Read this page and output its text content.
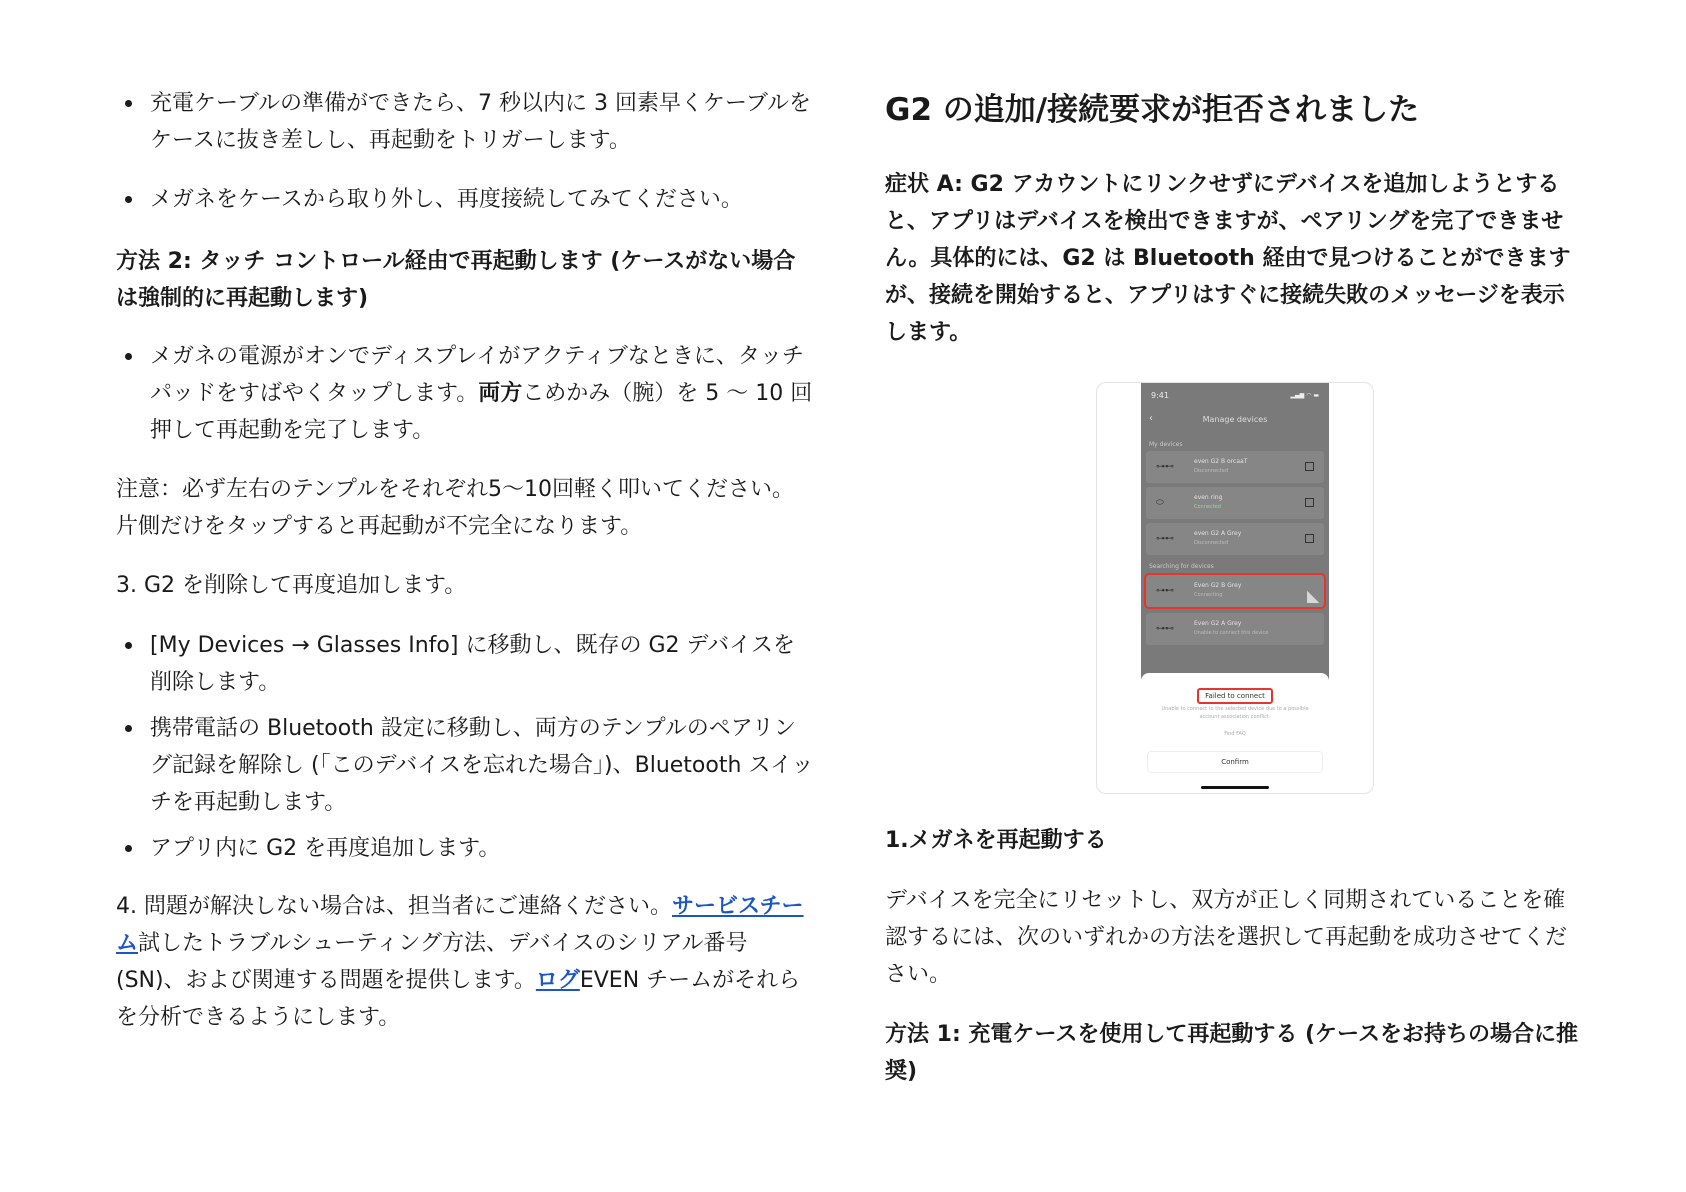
充電ケーブルの準備ができたら、7 秒以内に 3 回素早くケーブルをケースに抜き差しし、再起動をトリガーします。
メガネをケースから取り外し、再度接続してみてください。

方法 2: タッチ コントロール経由で再起動します (ケースがない場合は強制的に再起動します)

メガネの電源がオンでディスプレイがアクティブなときに、タッチパッドをすばやくタップします。両方こめかみ（腕）を 5 〜 10 回押して再起動を完了します。

注意：必ず左右のテンプルをそれぞれ5〜10回軽く叩いてください。片側だけをタップすると再起動が不完全になります。

3. G2 を削除して再度追加します。

[My Devices → Glasses Info] に移動し、既存の G2 デバイスを削除します。
携帯電話の Bluetooth 設定に移動し、両方のテンプルのペアリング記録を解除し (「このデバイスを忘れた場合」)、Bluetooth スイッチを再起動します。
アプリ内に G2 を再度追加します。

4. 問題が解決しない場合は、担当者にご連絡ください。サービスチーム試したトラブルシューティング方法、デバイスのシリアル番号 (SN)、および関連する問題を提供します。ログEVEN チームがそれらを分析できるようにします。

G2 の追加/接続要求が拒否されました

症状 A: G2 アカウントにリンクせずにデバイスを追加しようとすると、アプリはデバイスを検出できますが、ペアリングを完了できません。具体的には、G2 は Bluetooth 経由で見つけることができますが、接続を開始すると、アプリはすぐに接続失敗のメッセージを表示します。

1.メガネを再起動する

デバイスを完全にリセットし、双方が正しく同期されていることを確認するには、次のいずれかの方法を選択して再起動を成功させてください。

方法 1: 充電ケースを使用して再起動する (ケースをお持ちの場合に推奨)

9:41	▂▄▆ ◠ ▬
‹	Manage devices
My devices
⊶⊷
even G2 B orcaaT
Disconnected
⬭
even ring
Connected
⊶⊷
even G2 A Grey
Disconnected
Searching for devices
⊶⊷
Even G2 B Grey
Connecting	◣
⊶⊷
Even G2 A Grey
Unable to connect this device
Failed to connect
Unable to connect to the selected device due to a possible account association conflict.
Find FAQ
Confirm
